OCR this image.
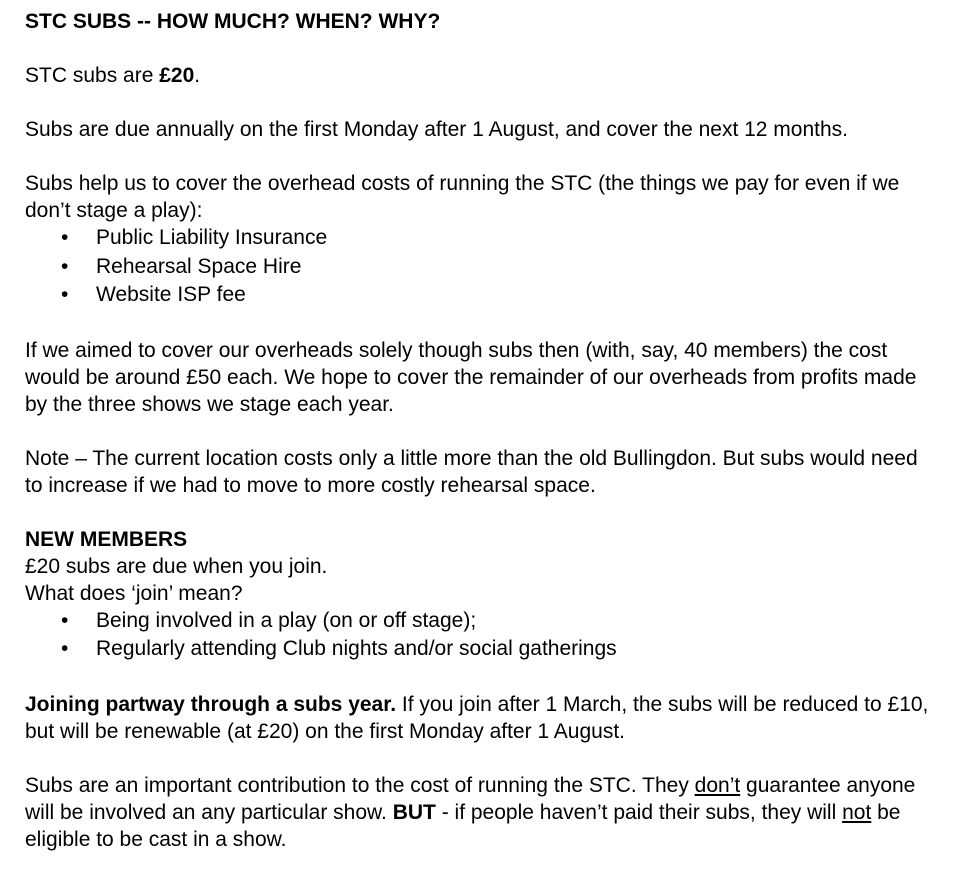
STC SUBS -- HOW MUCH? WHEN? WHY?

STC subs are £20.

Subs are due annually on the first Monday after 1 August, and cover the next 12 months.

Subs help us to cover the overhead costs of running the STC (the things we pay for even if we don’t stage a play):

• Public Liability Insurance
• Rehearsal Space Hire
• Website ISP fee

If we aimed to cover our overheads solely though subs then (with, say, 40 members) the cost would be around £50 each. We hope to cover the remainder of our overheads from profits made by the three shows we stage each year.

Note – The current location costs only a little more than the old Bullingdon. But subs would need to increase if we had to move to more costly rehearsal space.

NEW MEMBERS

£20 subs are due when you join.

What does ‘join’ mean?

• Being involved in a play (on or off stage);
• Regularly attending Club nights and/or social gatherings

Joining partway through a subs year. If you join after 1 March, the subs will be reduced to £10, but will be renewable (at £20) on the first Monday after 1 August.

Subs are an important contribution to the cost of running the STC. They don’t guarantee anyone will be involved an any particular show. BUT - if people haven’t paid their subs, they will not be eligible to be cast in a show.
